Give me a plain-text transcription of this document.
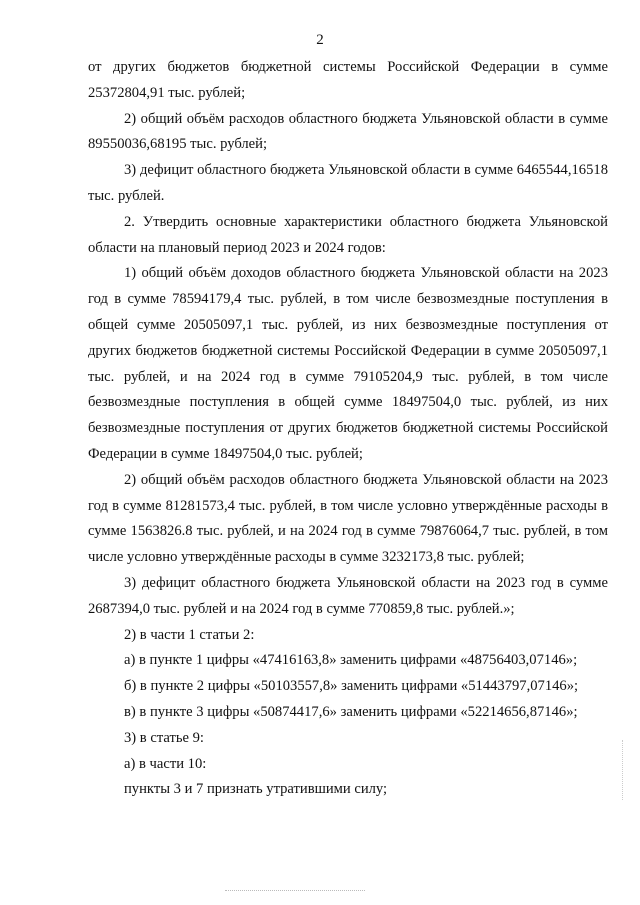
2

от других бюджетов бюджетной системы Российской Федерации в сумме 25372804,91 тыс. рублей;

2) общий объём расходов областного бюджета Ульяновской области в сумме 89550036,68195 тыс. рублей;

3) дефицит областного бюджета Ульяновской области в сумме 6465544,16518 тыс. рублей.

2. Утвердить основные характеристики областного бюджета Ульяновской области на плановый период 2023 и 2024 годов:

1) общий объём доходов областного бюджета Ульяновской области на 2023 год в сумме 78594179,4 тыс. рублей, в том числе безвозмездные поступления в общей сумме 20505097,1 тыс. рублей, из них безвозмездные поступления от других бюджетов бюджетной системы Российской Федерации в сумме 20505097,1 тыс. рублей, и на 2024 год в сумме 79105204,9 тыс. рублей, в том числе безвозмездные поступления в общей сумме 18497504,0 тыс. рублей, из них безвозмездные поступления от других бюджетов бюджетной системы Российской Федерации в сумме 18497504,0 тыс. рублей;

2) общий объём расходов областного бюджета Ульяновской области на 2023 год в сумме 81281573,4 тыс. рублей, в том числе условно утверждённые расходы в сумме 1563826.8 тыс. рублей, и на 2024 год в сумме 79876064,7 тыс. рублей, в том числе условно утверждённые расходы в сумме 3232173,8 тыс. рублей;

3) дефицит областного бюджета Ульяновской области на 2023 год в сумме 2687394,0 тыс. рублей и на 2024 год в сумме 770859,8 тыс. рублей.»;

2) в части 1 статьи 2:

а) в пункте 1 цифры «47416163,8» заменить цифрами «48756403,07146»;

б) в пункте 2 цифры «50103557,8» заменить цифрами «51443797,07146»;

в) в пункте 3 цифры «50874417,6» заменить цифрами «52214656,87146»;

3) в статье 9:

а) в части 10:

пункты 3 и 7 признать утратившими силу;
